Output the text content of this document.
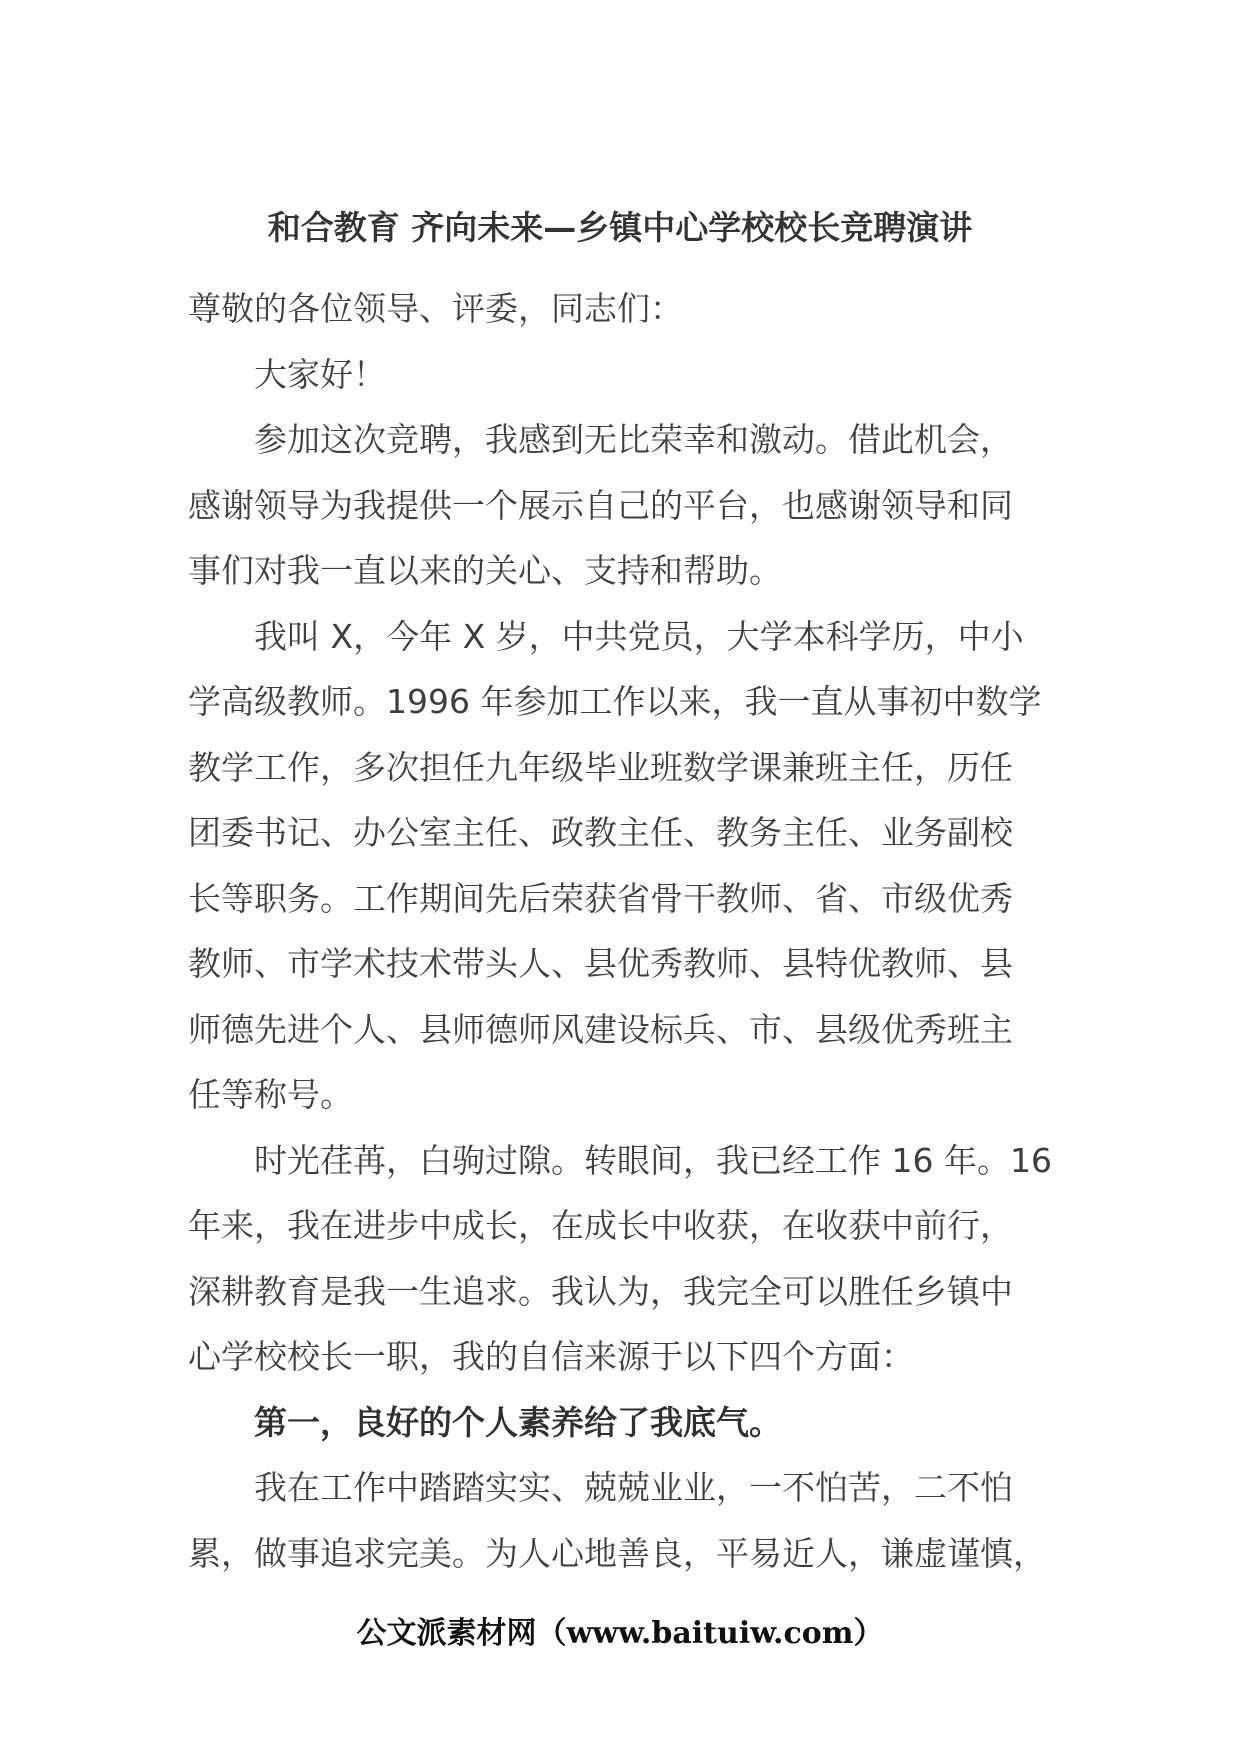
和合教育 齐向未来—乡镇中心学校校长竞聘演讲
尊敬的各位领导、评委，同志们：
大家好！
参加这次竞聘，我感到无比荣幸和激动。借此机会，
感谢领导为我提供一个展示自己的平台，也感谢领导和同
事们对我一直以来的关心、支持和帮助。
我叫 X，今年 X 岁，中共党员，大学本科学历，中小
学高级教师。1996 年参加工作以来，我一直从事初中数学
教学工作，多次担任九年级毕业班数学课兼班主任，历任
团委书记、办公室主任、政教主任、教务主任、业务副校
长等职务。工作期间先后荣获省骨干教师、省、市级优秀
教师、市学术技术带头人、县优秀教师、县特优教师、县
师德先进个人、县师德师风建设标兵、市、县级优秀班主
任等称号。
时光荏苒，白驹过隙。转眼间，我已经工作 16 年。16
年来，我在进步中成长，在成长中收获，在收获中前行，
深耕教育是我一生追求。我认为，我完全可以胜任乡镇中
心学校校长一职，我的自信来源于以下四个方面：
第一，良好的个人素养给了我底气。
我在工作中踏踏实实、兢兢业业，一不怕苦，二不怕
累，做事追求完美。为人心地善良，平易近人，谦虚谨慎，
公文派素材网（www.baituiw.com）
